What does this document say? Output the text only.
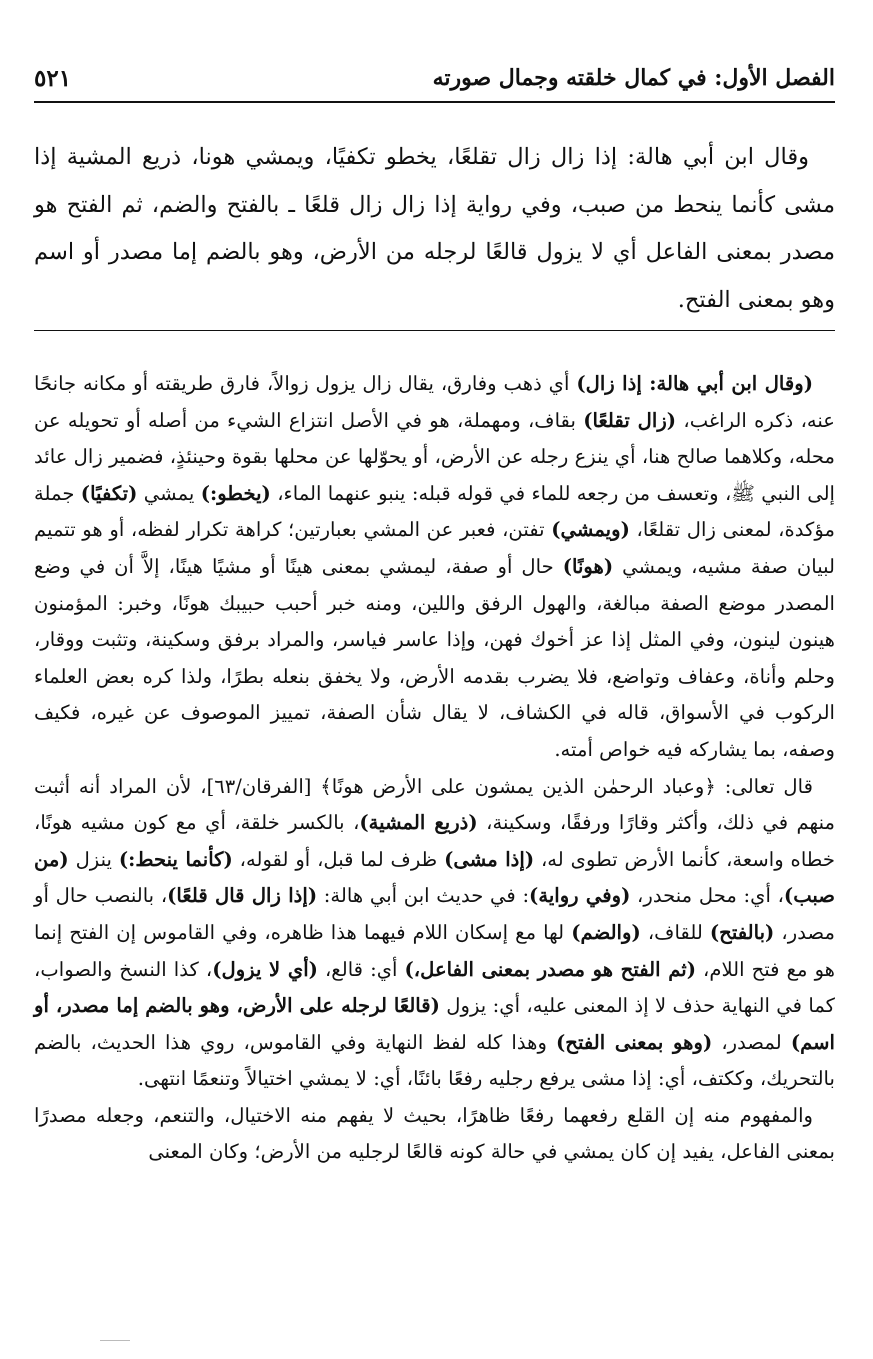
الفصل الأول: في كمال خلقته وجمال صورته
٥٢١

وقال ابن أبي هالة: إذا زال زال تقلعًا، يخطو تكفيًا، ويمشي هونا، ذريع المشية إذا مشى كأنما ينحط من صبب، وفي رواية إذا زال زال قلعًا ـ بالفتح والضم، ثم الفتح هو مصدر بمعنى الفاعل أي لا يزول قالعًا لرجله من الأرض، وهو بالضم إما مصدر أو اسم وهو بمعنى الفتح.

(وقال ابن أبي هالة: إذا زال) أي ذهب وفارق، يقال زال يزول زوالاً، فارق طريقته أو مكانه جانحًا عنه، ذكره الراغب، (زال تقلعًا) بقاف، ومهملة، هو في الأصل انتزاع الشيء من أصله أو تحويله عن محله، وكلاهما صالح هنا، أي ينزع رجله عن الأرض، أو يحوّلها عن محلها بقوة وحينئذٍ، فضمير زال عائد إلى النبي ﷺ، وتعسف من رجعه للماء في قوله قبله: ينبو عنهما الماء، (يخطو:) يمشي (تكفيًا) جملة مؤكدة، لمعنى زال تقلعًا، (ويمشي) تفتن، فعبر عن المشي بعبارتين؛ كراهة تكرار لفظه، أو هو تتميم لبيان صفة مشيه، ويمشي (هونًا) حال أو صفة، ليمشي بمعنى هينًا أو مشيًا هينًا، إلاَّ أن في وضع المصدر موضع الصفة مبالغة، والهول الرفق واللين، ومنه خبر أحبب حبيبك هونًا، وخبر: المؤمنون هينون لينون، وفي المثل إذا عز أخوك فهن، وإذا عاسر فياسر، والمراد برفق وسكينة، وتثبت ووقار، وحلم وأناة، وعفاف وتواضع، فلا يضرب بقدمه الأرض، ولا يخفق بنعله بطرًا، ولذا كره بعض العلماء الركوب في الأسواق، قاله في الكشاف، لا يقال شأن الصفة، تمييز الموصوف عن غيره، فكيف وصفه، بما يشاركه فيه خواص أمته.

قال تعالى: ﴿وعباد الرحمٰن الذين يمشون على الأرض هونًا﴾ [الفرقان/٦٣]، لأن المراد أنه أثبت منهم في ذلك، وأكثر وقارًا ورفقًا، وسكينة، (ذريع المشية)، بالكسر خلقة، أي مع كون مشيه هونًا، خطاه واسعة، كأنما الأرض تطوى له، (إذا مشى) ظرف لما قبل، أو لقوله، (كأنما ينحط:) ينزل (من صبب)، أي: محل منحدر، (وفي رواية): في حديث ابن أبي هالة: (إذا زال قال قلعًا)، بالنصب حال أو مصدر، (بالفتح) للقاف، (والضم) لها مع إسكان اللام فيهما هذا ظاهره، وفي القاموس إن الفتح إنما هو مع فتح اللام، (ثم الفتح هو مصدر بمعنى الفاعل،) أي: قالع، (أي لا يزول)، كذا النسخ والصواب، كما في النهاية حذف لا إذ المعنى عليه، أي: يزول (قالعًا لرجله على الأرض، وهو بالضم إما مصدر، أو اسم) لمصدر، (وهو بمعنى الفتح) وهذا كله لفظ النهاية وفي القاموس، روي هذا الحديث، بالضم بالتحريك، وككتف، أي: إذا مشى يرفع رجليه رفعًا بائنًا، أي: لا يمشي اختيالاً وتنعمًا انتهى.

والمفهوم منه إن القلع رفعهما رفعًا ظاهرًا، بحيث لا يفهم منه الاختيال، والتنعم، وجعله مصدرًا بمعنى الفاعل، يفيد إن كان يمشي في حالة كونه قالعًا لرجليه من الأرض؛ وكان المعنى
